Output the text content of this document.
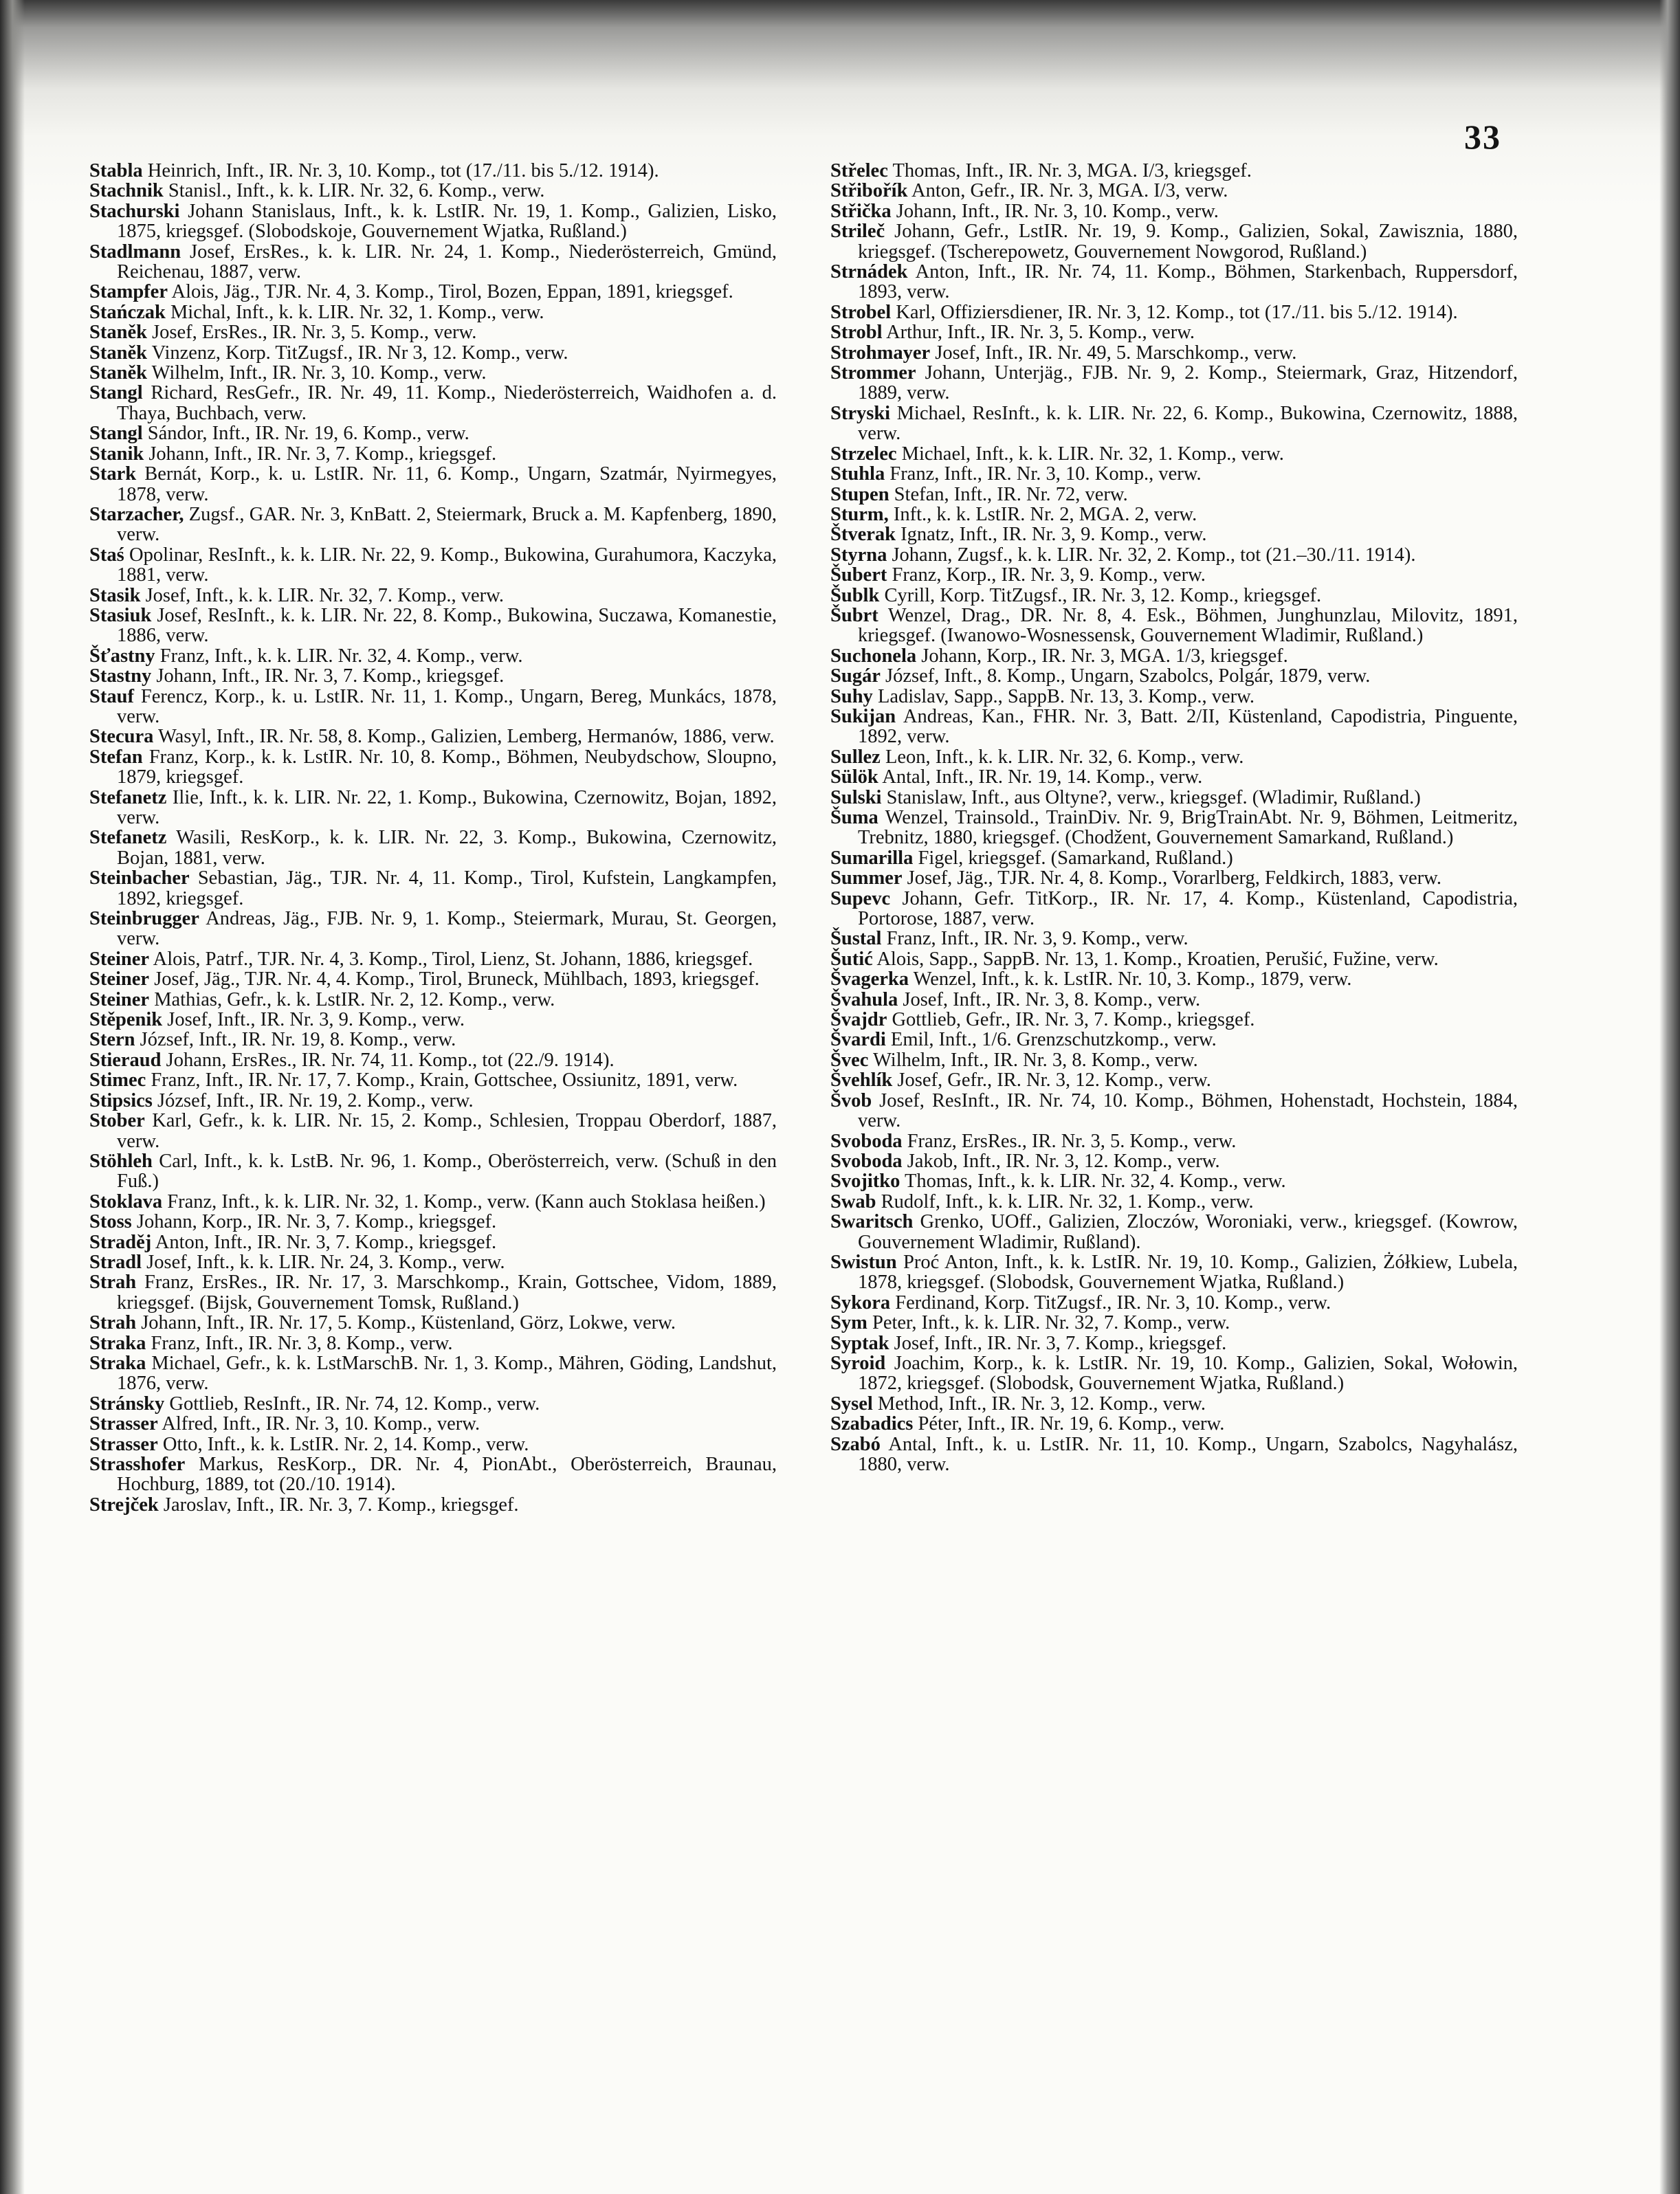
33
Stabla Heinrich, Inft., IR. Nr. 3, 10. Komp., tot (17./11. bis 5./12. 1914).
Stachnik Stanisl., Inft., k. k. LIR. Nr. 32, 6. Komp., verw.
Stachurski Johann Stanislaus, Inft., k. k. LstIR. Nr. 19, 1. Komp., Galizien, Lisko, 1875, kriegsgef. (Slobodskoje, Gouvernement Wjatka, Rußland.)
Stadlmann Josef, ErsRes., k. k. LIR. Nr. 24, 1. Komp., Niederösterreich, Gmünd, Reichenau, 1887, verw.
Stampfer Alois, Jäg., TJR. Nr. 4, 3. Komp., Tirol, Bozen, Eppan, 1891, kriegsgef.
Stańczak Michal, Inft., k. k. LIR. Nr. 32, 1. Komp., verw.
Staněk Josef, ErsRes., IR. Nr. 3, 5. Komp., verw.
Staněk Vinzenz, Korp. TitZugsf., IR. Nr 3, 12. Komp., verw.
Staněk Wilhelm, Inft., IR. Nr. 3, 10. Komp., verw.
Stangl Richard, ResGefr., IR. Nr. 49, 11. Komp., Niederösterreich, Waidhofen a. d. Thaya, Buchbach, verw.
Stangl Sándor, Inft., IR. Nr. 19, 6. Komp., verw.
Stanik Johann, Inft., IR. Nr. 3, 7. Komp., kriegsgef.
Stark Bernát, Korp., k. u. LstIR. Nr. 11, 6. Komp., Ungarn, Szatmár, Nyirmegyes, 1878, verw.
Starzacher, Zugsf., GAR. Nr. 3, KnBatt. 2, Steiermark, Bruck a. M. Kapfenberg, 1890, verw.
Staś Opolinar, ResInft., k. k. LIR. Nr. 22, 9. Komp., Bukowina, Gurahumora, Kaczyka, 1881, verw.
Stasik Josef, Inft., k. k. LIR. Nr. 32, 7. Komp., verw.
Stasiuk Josef, ResInft., k. k. LIR. Nr. 22, 8. Komp., Bukowina, Suczawa, Komanestie, 1886, verw.
Šťastny Franz, Inft., k. k. LIR. Nr. 32, 4. Komp., verw.
Stastny Johann, Inft., IR. Nr. 3, 7. Komp., kriegsgef.
Stauf Ferencz, Korp., k. u. LstIR. Nr. 11, 1. Komp., Ungarn, Bereg, Munkács, 1878, verw.
Stecura Wasyl, Inft., IR. Nr. 58, 8. Komp., Galizien, Lemberg, Hermanów, 1886, verw.
Stefan Franz, Korp., k. k. LstIR. Nr. 10, 8. Komp., Böhmen, Neubydschow, Sloupno, 1879, kriegsgef.
Stefanetz Ilie, Inft., k. k. LIR. Nr. 22, 1. Komp., Bukowina, Czernowitz, Bojan, 1892, verw.
Stefanetz Wasili, ResKorp., k. k. LIR. Nr. 22, 3. Komp., Bukowina, Czernowitz, Bojan, 1881, verw.
Steinbacher Sebastian, Jäg., TJR. Nr. 4, 11. Komp., Tirol, Kufstein, Langkampfen, 1892, kriegsgef.
Steinbrugger Andreas, Jäg., FJB. Nr. 9, 1. Komp., Steiermark, Murau, St. Georgen, verw.
Steiner Alois, Patrf., TJR. Nr. 4, 3. Komp., Tirol, Lienz, St. Johann, 1886, kriegsgef.
Steiner Josef, Jäg., TJR. Nr. 4, 4. Komp., Tirol, Bruneck, Mühlbach, 1893, kriegsgef.
Steiner Mathias, Gefr., k. k. LstIR. Nr. 2, 12. Komp., verw.
Stěpenik Josef, Inft., IR. Nr. 3, 9. Komp., verw.
Stern József, Inft., IR. Nr. 19, 8. Komp., verw.
Stieraud Johann, ErsRes., IR. Nr. 74, 11. Komp., tot (22./9. 1914).
Stimec Franz, Inft., IR. Nr. 17, 7. Komp., Krain, Gottschee, Ossiunitz, 1891, verw.
Stipsics József, Inft., IR. Nr. 19, 2. Komp., verw.
Stober Karl, Gefr., k. k. LIR. Nr. 15, 2. Komp., Schlesien, Troppau Oberdorf, 1887, verw.
Stöhleh Carl, Inft., k. k. LstB. Nr. 96, 1. Komp., Oberösterreich, verw. (Schuß in den Fuß.)
Stoklava Franz, Inft., k. k. LIR. Nr. 32, 1. Komp., verw. (Kann auch Stoklasa heißen.)
Stoss Johann, Korp., IR. Nr. 3, 7. Komp., kriegsgef.
Straděj Anton, Inft., IR. Nr. 3, 7. Komp., kriegsgef.
Stradl Josef, Inft., k. k. LIR. Nr. 24, 3. Komp., verw.
Strah Franz, ErsRes., IR. Nr. 17, 3. Marschkomp., Krain, Gottschee, Vidom, 1889, kriegsgef. (Bijsk, Gouvernement Tomsk, Rußland.)
Strah Johann, Inft., IR. Nr. 17, 5. Komp., Küstenland, Görz, Lokwe, verw.
Straka Franz, Inft., IR. Nr. 3, 8. Komp., verw.
Straka Michael, Gefr., k. k. LstMarschB. Nr. 1, 3. Komp., Mähren, Göding, Landshut, 1876, verw.
Stránsky Gottlieb, ResInft., IR. Nr. 74, 12. Komp., verw.
Strasser Alfred, Inft., IR. Nr. 3, 10. Komp., verw.
Strasser Otto, Inft., k. k. LstIR. Nr. 2, 14. Komp., verw.
Strasshofer Markus, ResKorp., DR. Nr. 4, PionAbt., Oberösterreich, Braunau, Hochburg, 1889, tot (20./10. 1914).
Strejček Jaroslav, Inft., IR. Nr. 3, 7. Komp., kriegsgef.
Střelec Thomas, Inft., IR. Nr. 3, MGA. I/3, kriegsgef.
Střibořík Anton, Gefr., IR. Nr. 3, MGA. I/3, verw.
Střička Johann, Inft., IR. Nr. 3, 10. Komp., verw.
Strileč Johann, Gefr., LstIR. Nr. 19, 9. Komp., Galizien, Sokal, Zawisznia, 1880, kriegsgef. (Tscherepowetz, Gouvernement Nowgorod, Rußland.)
Strnádek Anton, Inft., IR. Nr. 74, 11. Komp., Böhmen, Starkenbach, Ruppersdorf, 1893, verw.
Strobel Karl, Offiziersdiener, IR. Nr. 3, 12. Komp., tot (17./11. bis 5./12. 1914).
Strobl Arthur, Inft., IR. Nr. 3, 5. Komp., verw.
Strohmayer Josef, Inft., IR. Nr. 49, 5. Marschkomp., verw.
Strommer Johann, Unterjäg., FJB. Nr. 9, 2. Komp., Steiermark, Graz, Hitzendorf, 1889, verw.
Stryski Michael, ResInft., k. k. LIR. Nr. 22, 6. Komp., Bukowina, Czernowitz, 1888, verw.
Strzelec Michael, Inft., k. k. LIR. Nr. 32, 1. Komp., verw.
Stuhla Franz, Inft., IR. Nr. 3, 10. Komp., verw.
Stupen Stefan, Inft., IR. Nr. 72, verw.
Sturm, Inft., k. k. LstIR. Nr. 2, MGA. 2, verw.
Štverak Ignatz, Inft., IR. Nr. 3, 9. Komp., verw.
Styrna Johann, Zugsf., k. k. LIR. Nr. 32, 2. Komp., tot (21.–30./11. 1914).
Šubert Franz, Korp., IR. Nr. 3, 9. Komp., verw.
Šublk Cyrill, Korp. TitZugsf., IR. Nr. 3, 12. Komp., kriegsgef.
Šubrt Wenzel, Drag., DR. Nr. 8, 4. Esk., Böhmen, Junghunzlau, Milovitz, 1891, kriegsgef. (Iwanowo-Wosnessensk, Gouvernement Wladimir, Rußland.)
Suchonela Johann, Korp., IR. Nr. 3, MGA. 1/3, kriegsgef.
Sugár József, Inft., 8. Komp., Ungarn, Szabolcs, Polgár, 1879, verw.
Suhy Ladislav, Sapp., SappB. Nr. 13, 3. Komp., verw.
Sukijan Andreas, Kan., FHR. Nr. 3, Batt. 2/II, Küstenland, Capodistria, Pinguente, 1892, verw.
Sullez Leon, Inft., k. k. LIR. Nr. 32, 6. Komp., verw.
Sülök Antal, Inft., IR. Nr. 19, 14. Komp., verw.
Sulski Stanislaw, Inft., aus Oltyne?, verw., kriegsgef. (Wladimir, Rußland.)
Šuma Wenzel, Trainsold., TrainDiv. Nr. 9, BrigTrainAbt. Nr. 9, Böhmen, Leitmeritz, Trebnitz, 1880, kriegsgef. (Chodžent, Gouvernement Samarkand, Rußland.)
Sumarilla Figel, kriegsgef. (Samarkand, Rußland.)
Summer Josef, Jäg., TJR. Nr. 4, 8. Komp., Vorarlberg, Feldkirch, 1883, verw.
Supevc Johann, Gefr. TitKorp., IR. Nr. 17, 4. Komp., Küstenland, Capodistria, Portorose, 1887, verw.
Šustal Franz, Inft., IR. Nr. 3, 9. Komp., verw.
Šutić Alois, Sapp., SappB. Nr. 13, 1. Komp., Kroatien, Perušić, Fužine, verw.
Švagerka Wenzel, Inft., k. k. LstIR. Nr. 10, 3. Komp., 1879, verw.
Švahula Josef, Inft., IR. Nr. 3, 8. Komp., verw.
Švajdr Gottlieb, Gefr., IR. Nr. 3, 7. Komp., kriegsgef.
Švardi Emil, Inft., 1/6. Grenzschutzkomp., verw.
Švec Wilhelm, Inft., IR. Nr. 3, 8. Komp., verw.
Švehlík Josef, Gefr., IR. Nr. 3, 12. Komp., verw.
Švob Josef, ResInft., IR. Nr. 74, 10. Komp., Böhmen, Hohenstadt, Hochstein, 1884, verw.
Svoboda Franz, ErsRes., IR. Nr. 3, 5. Komp., verw.
Svoboda Jakob, Inft., IR. Nr. 3, 12. Komp., verw.
Svojitko Thomas, Inft., k. k. LIR. Nr. 32, 4. Komp., verw.
Swab Rudolf, Inft., k. k. LIR. Nr. 32, 1. Komp., verw.
Swaritsch Grenko, UOff., Galizien, Zloczów, Woroniaki, verw., kriegsgef. (Kowrow, Gouvernement Wladimir, Rußland).
Swistun Proć Anton, Inft., k. k. LstIR. Nr. 19, 10. Komp., Galizien, Żółkiew, Lubela, 1878, kriegsgef. (Slobodsk, Gouvernement Wjatka, Rußland.)
Sykora Ferdinand, Korp. TitZugsf., IR. Nr. 3, 10. Komp., verw.
Sym Peter, Inft., k. k. LIR. Nr. 32, 7. Komp., verw.
Syptak Josef, Inft., IR. Nr. 3, 7. Komp., kriegsgef.
Syroid Joachim, Korp., k. k. LstIR. Nr. 19, 10. Komp., Galizien, Sokal, Wołowin, 1872, kriegsgef. (Slobodsk, Gouvernement Wjatka, Rußland.)
Sysel Method, Inft., IR. Nr. 3, 12. Komp., verw.
Szabadics Péter, Inft., IR. Nr. 19, 6. Komp., verw.
Szabó Antal, Inft., k. u. LstIR. Nr. 11, 10. Komp., Ungarn, Szabolcs, Nagyhalász, 1880, verw.
